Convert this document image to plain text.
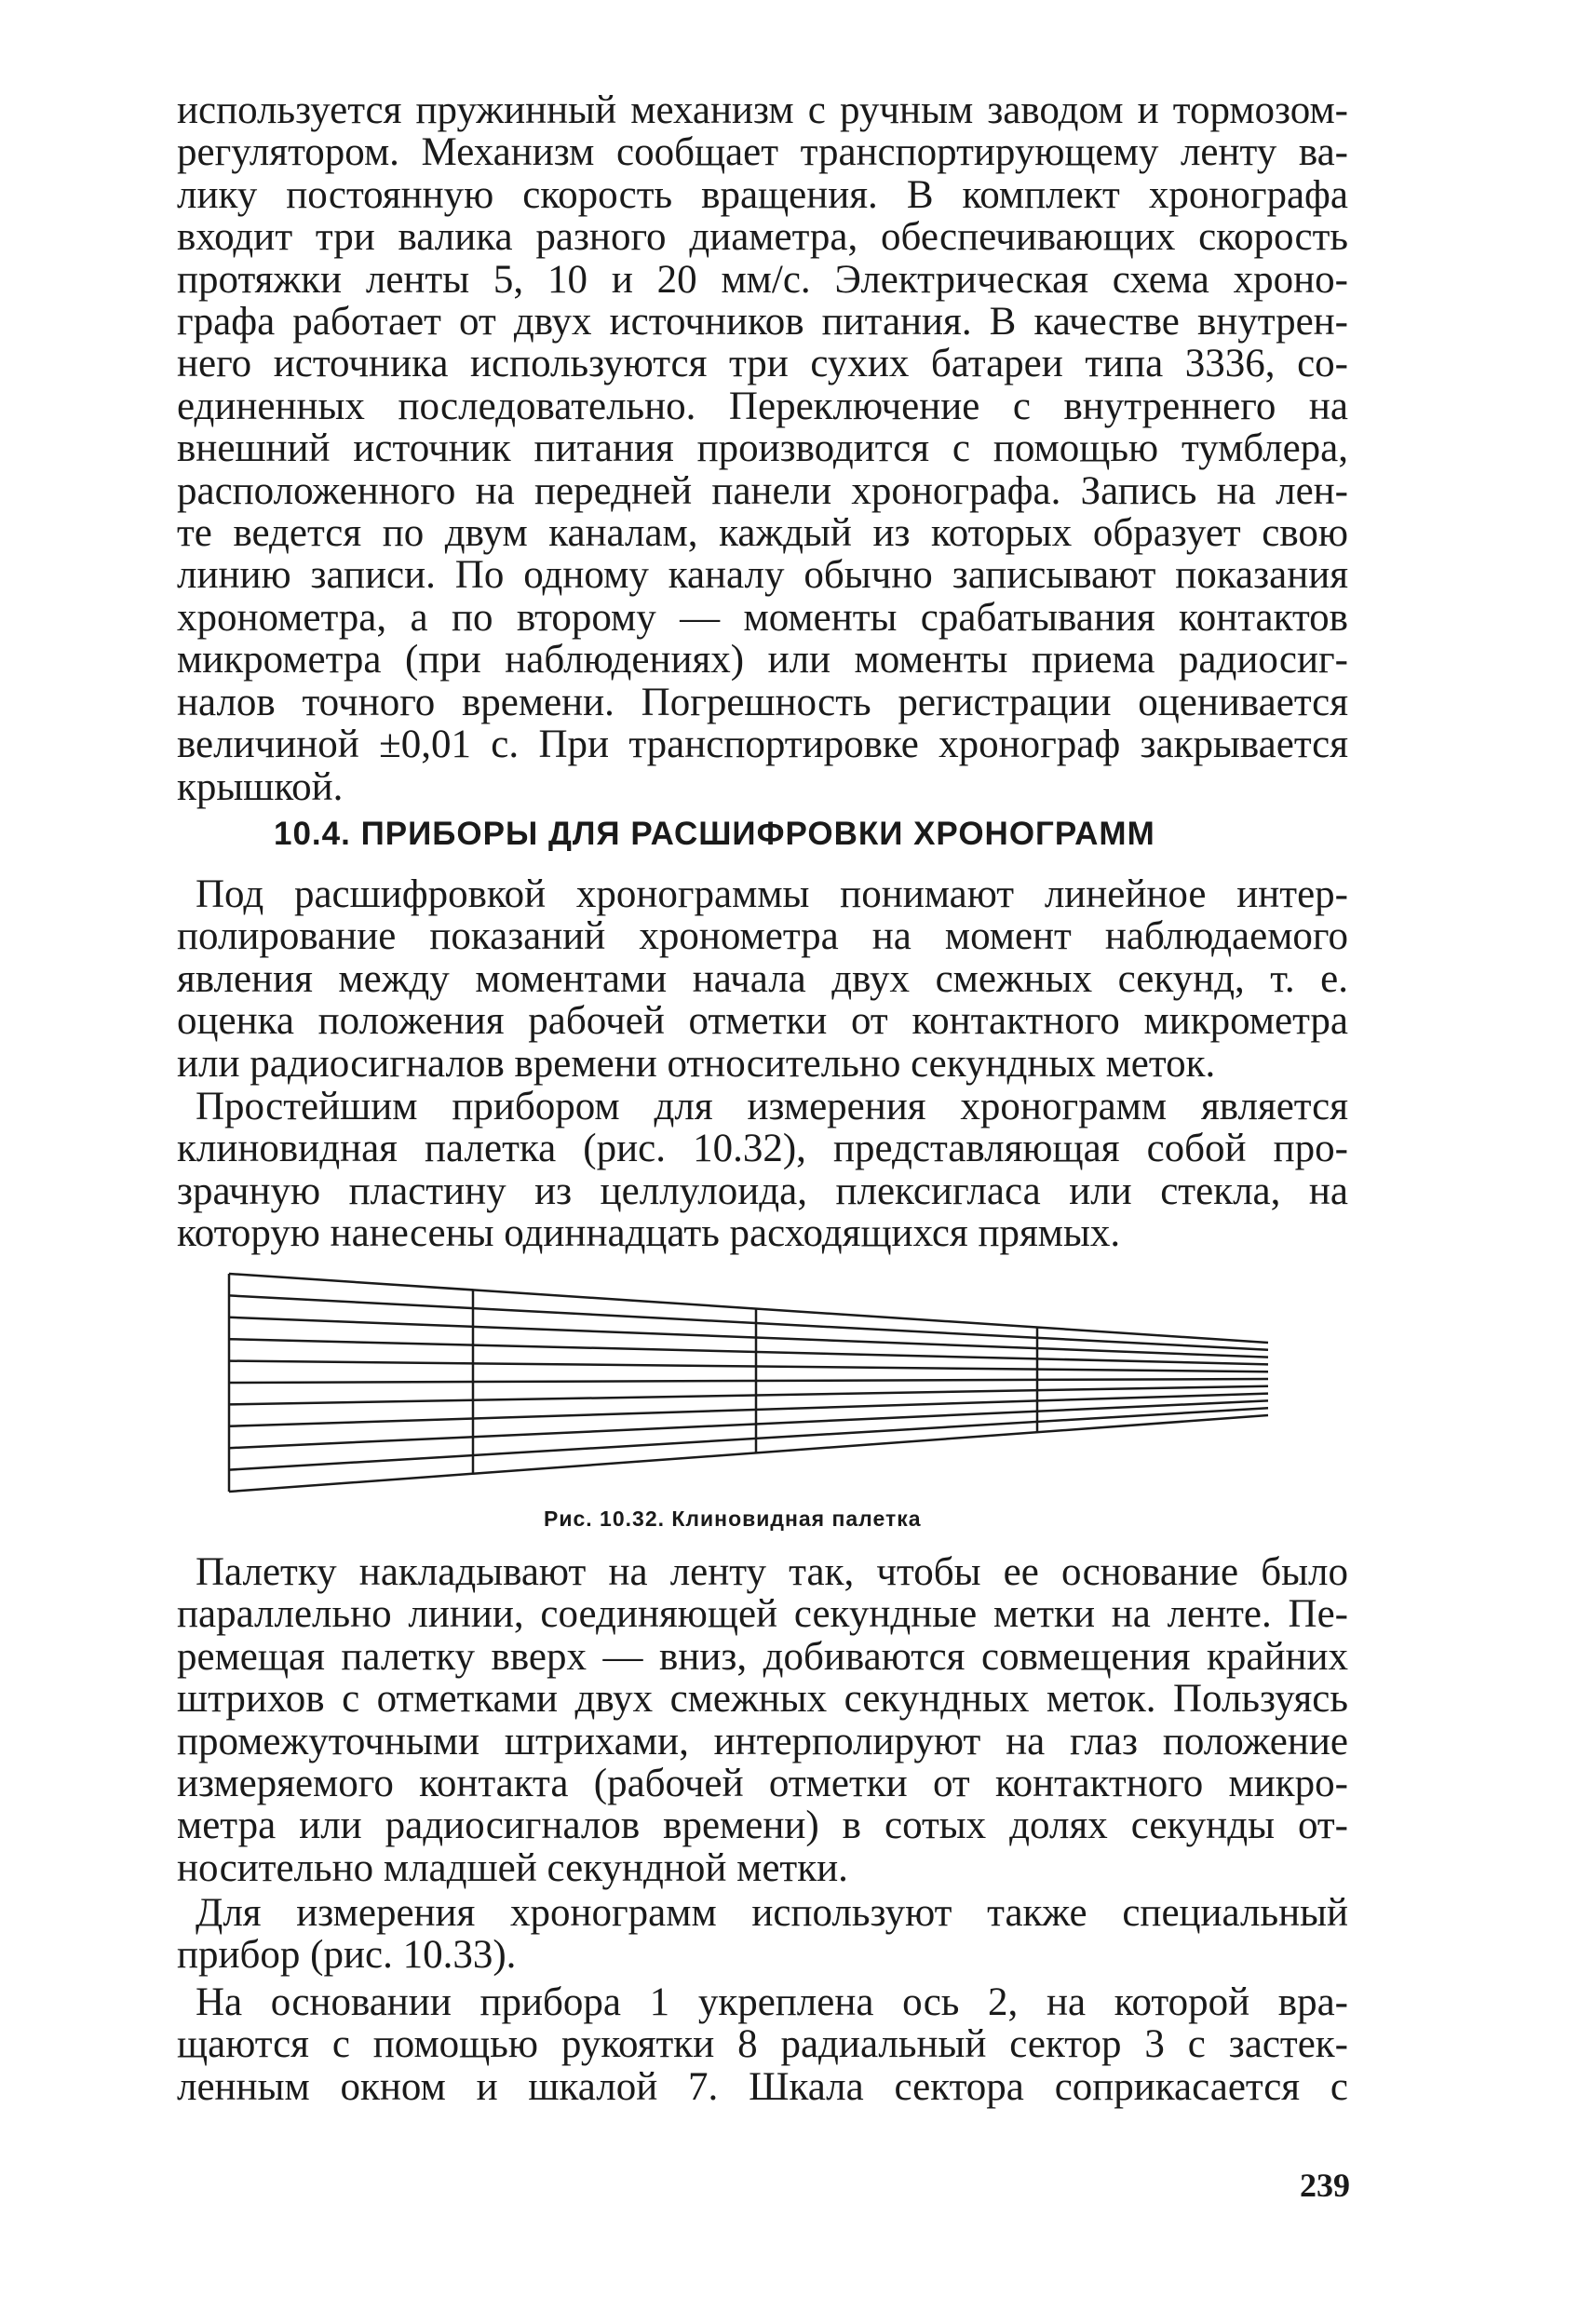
используется пружинный механизм с ручным заводом и тормозом-
регулятором. Механизм сообщает транспортирующему ленту ва-
лику постоянную скорость вращения. В комплект хронографа
входит три валика разного диаметра, обеспечивающих скорость
протяжки ленты 5, 10 и 20 мм/с. Электрическая схема хроно-
графа работает от двух источников питания. В качестве внутрен-
него источника используются три сухих батареи типа 3336, со-
единенных последовательно. Переключение с внутреннего на
внешний источник питания производится с помощью тумблера,
расположенного на передней панели хронографа. Запись на лен-
те ведется по двум каналам, каждый из которых образует свою
линию записи. По одному каналу обычно записывают показания
хронометра, а по второму — моменты срабатывания контактов
микрометра (при наблюдениях) или моменты приема радиосиг-
налов точного времени. Погрешность регистрации оценивается
величиной ±0,01 с. При транспортировке хронограф закрывается
крышкой.
10.4. ПРИБОРЫ ДЛЯ РАСШИФРОВКИ ХРОНОГРАММ
Под расшифровкой хронограммы понимают линейное интер-
полирование показаний хронометра на момент наблюдаемого
явления между моментами начала двух смежных секунд, т. е.
оценка положения рабочей отметки от контактного микрометра
или радиосигналов времени относительно секундных меток.
Простейшим прибором для измерения хронограмм является
клиновидная палетка (рис. 10.32), представляющая собой про-
зрачную пластину из целлулоида, плексигласа или стекла, на
которую нанесены одиннадцать расходящихся прямых.
Рис. 10.32. Клиновидная палетка
Палетку накладывают на ленту так, чтобы ее основание было
параллельно линии, соединяющей секундные метки на ленте. Пе-
ремещая палетку вверх — вниз, добиваются совмещения крайних
штрихов с отметками двух смежных секундных меток. Пользуясь
промежуточными штрихами, интерполируют на глаз положение
измеряемого контакта (рабочей отметки от контактного микро-
метра или радиосигналов времени) в сотых долях секунды от-
носительно младшей секундной метки.
Для измерения хронограмм используют также специальный
прибор (рис. 10.33).
На основании прибора 1 укреплена ось 2, на которой вра-
щаются с помощью рукоятки 8 радиальный сектор 3 с застек-
ленным окном и шкалой 7. Шкала сектора соприкасается с
239
